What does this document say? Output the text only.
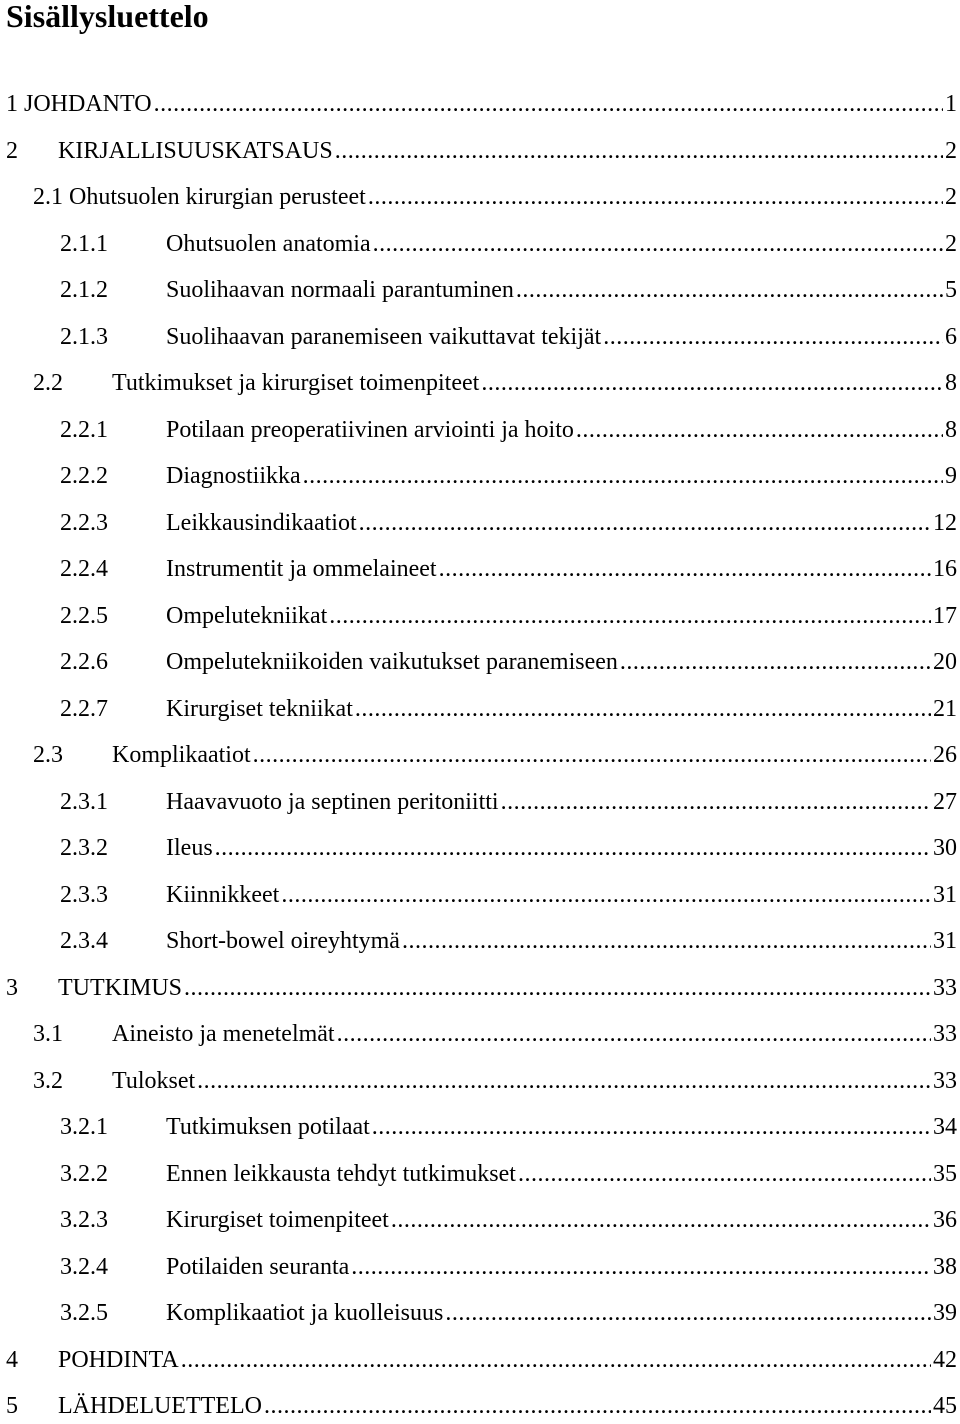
Sisällysluettelo
1 JOHDANTO .....	1
2	KIRJALLISUUSKATSAUS .....	2
2.1 Ohutsuolen kirurgian perusteet .....	2
2.1.1	Ohutsuolen anatomia .....	2
2.1.2	Suolihaavan normaali parantuminen .....	5
2.1.3	Suolihaavan paranemiseen vaikuttavat tekijät .....	6
2.2	Tutkimukset ja kirurgiset toimenpiteet .....	8
2.2.1	Potilaan preoperatiivinen arviointi ja hoito .....	8
2.2.2	Diagnostiikka .....	9
2.2.3	Leikkausindikaatiot .....	12
2.2.4	Instrumentit ja ommelaineet .....	16
2.2.5	Ompelutekniikat .....	17
2.2.6	Ompelutekniikoiden vaikutukset paranemiseen .....	20
2.2.7	Kirurgiset tekniikat .....	21
2.3	Komplikaatiot .....	26
2.3.1	Haavavuoto ja septinen peritoniitti .....	27
2.3.2	Ileus .....	30
2.3.3	Kiinnikkeet .....	31
2.3.4	Short-bowel oireyhtymä .....	31
3	TUTKIMUS .....	33
3.1	Aineisto ja menetelmät .....	33
3.2	Tulokset .....	33
3.2.1	Tutkimuksen potilaat .....	34
3.2.2	Ennen leikkausta tehdyt tutkimukset .....	35
3.2.3	Kirurgiset toimenpiteet .....	36
3.2.4	Potilaiden seuranta .....	38
3.2.5	Komplikaatiot ja kuolleisuus .....	39
4	POHDINTA .....	42
5	LÄHDELUETTELO .....	45
